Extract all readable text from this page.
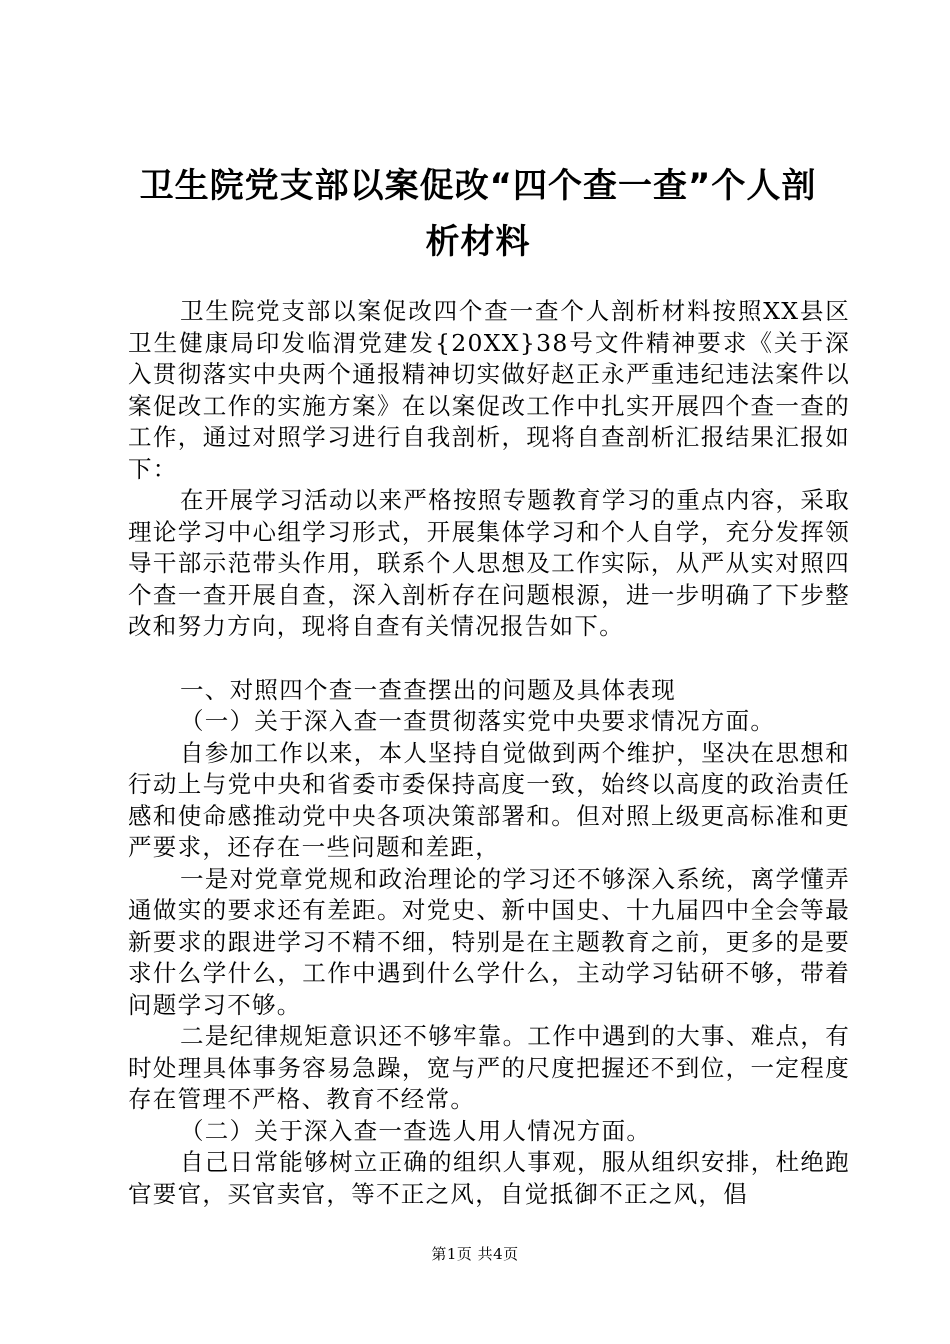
卫生院党支部以案促改“四个查一查”个人剖
析材料

卫生院党支部以案促改四个查一查个人剖析材料按照XX县区卫生健康局印发临渭党建发{20XX}38号文件精神要求《关于深入贯彻落实中央两个通报精神切实做好赵正永严重违纪违法案件以案促改工作的实施方案》在以案促改工作中扎实开展四个查一查的工作，通过对照学习进行自我剖析，现将自查剖析汇报结果汇报如下：

在开展学习活动以来严格按照专题教育学习的重点内容，采取理论学习中心组学习形式，开展集体学习和个人自学，充分发挥领导干部示范带头作用，联系个人思想及工作实际，从严从实对照四个查一查开展自查，深入剖析存在问题根源，进一步明确了下步整改和努力方向，现将自查有关情况报告如下。

一、对照四个查一查查摆出的问题及具体表现

（一）关于深入查一查贯彻落实党中央要求情况方面。

自参加工作以来，本人坚持自觉做到两个维护，坚决在思想和行动上与党中央和省委市委保持高度一致，始终以高度的政治责任感和使命感推动党中央各项决策部署和。但对照上级更高标准和更严要求，还存在一些问题和差距，

一是对党章党规和政治理论的学习还不够深入系统，离学懂弄通做实的要求还有差距。对党史、新中国史、十九届四中全会等最新要求的跟进学习不精不细，特别是在主题教育之前，更多的是要求什么学什么，工作中遇到什么学什么，主动学习钻研不够，带着问题学习不够。

二是纪律规矩意识还不够牢靠。工作中遇到的大事、难点，有时处理具体事务容易急躁，宽与严的尺度把握还不到位，一定程度存在管理不严格、教育不经常。

（二）关于深入查一查选人用人情况方面。

自己日常能够树立正确的组织人事观，服从组织安排，杜绝跑官要官，买官卖官，等不正之风，自觉抵御不正之风，倡

第1页 共4页
